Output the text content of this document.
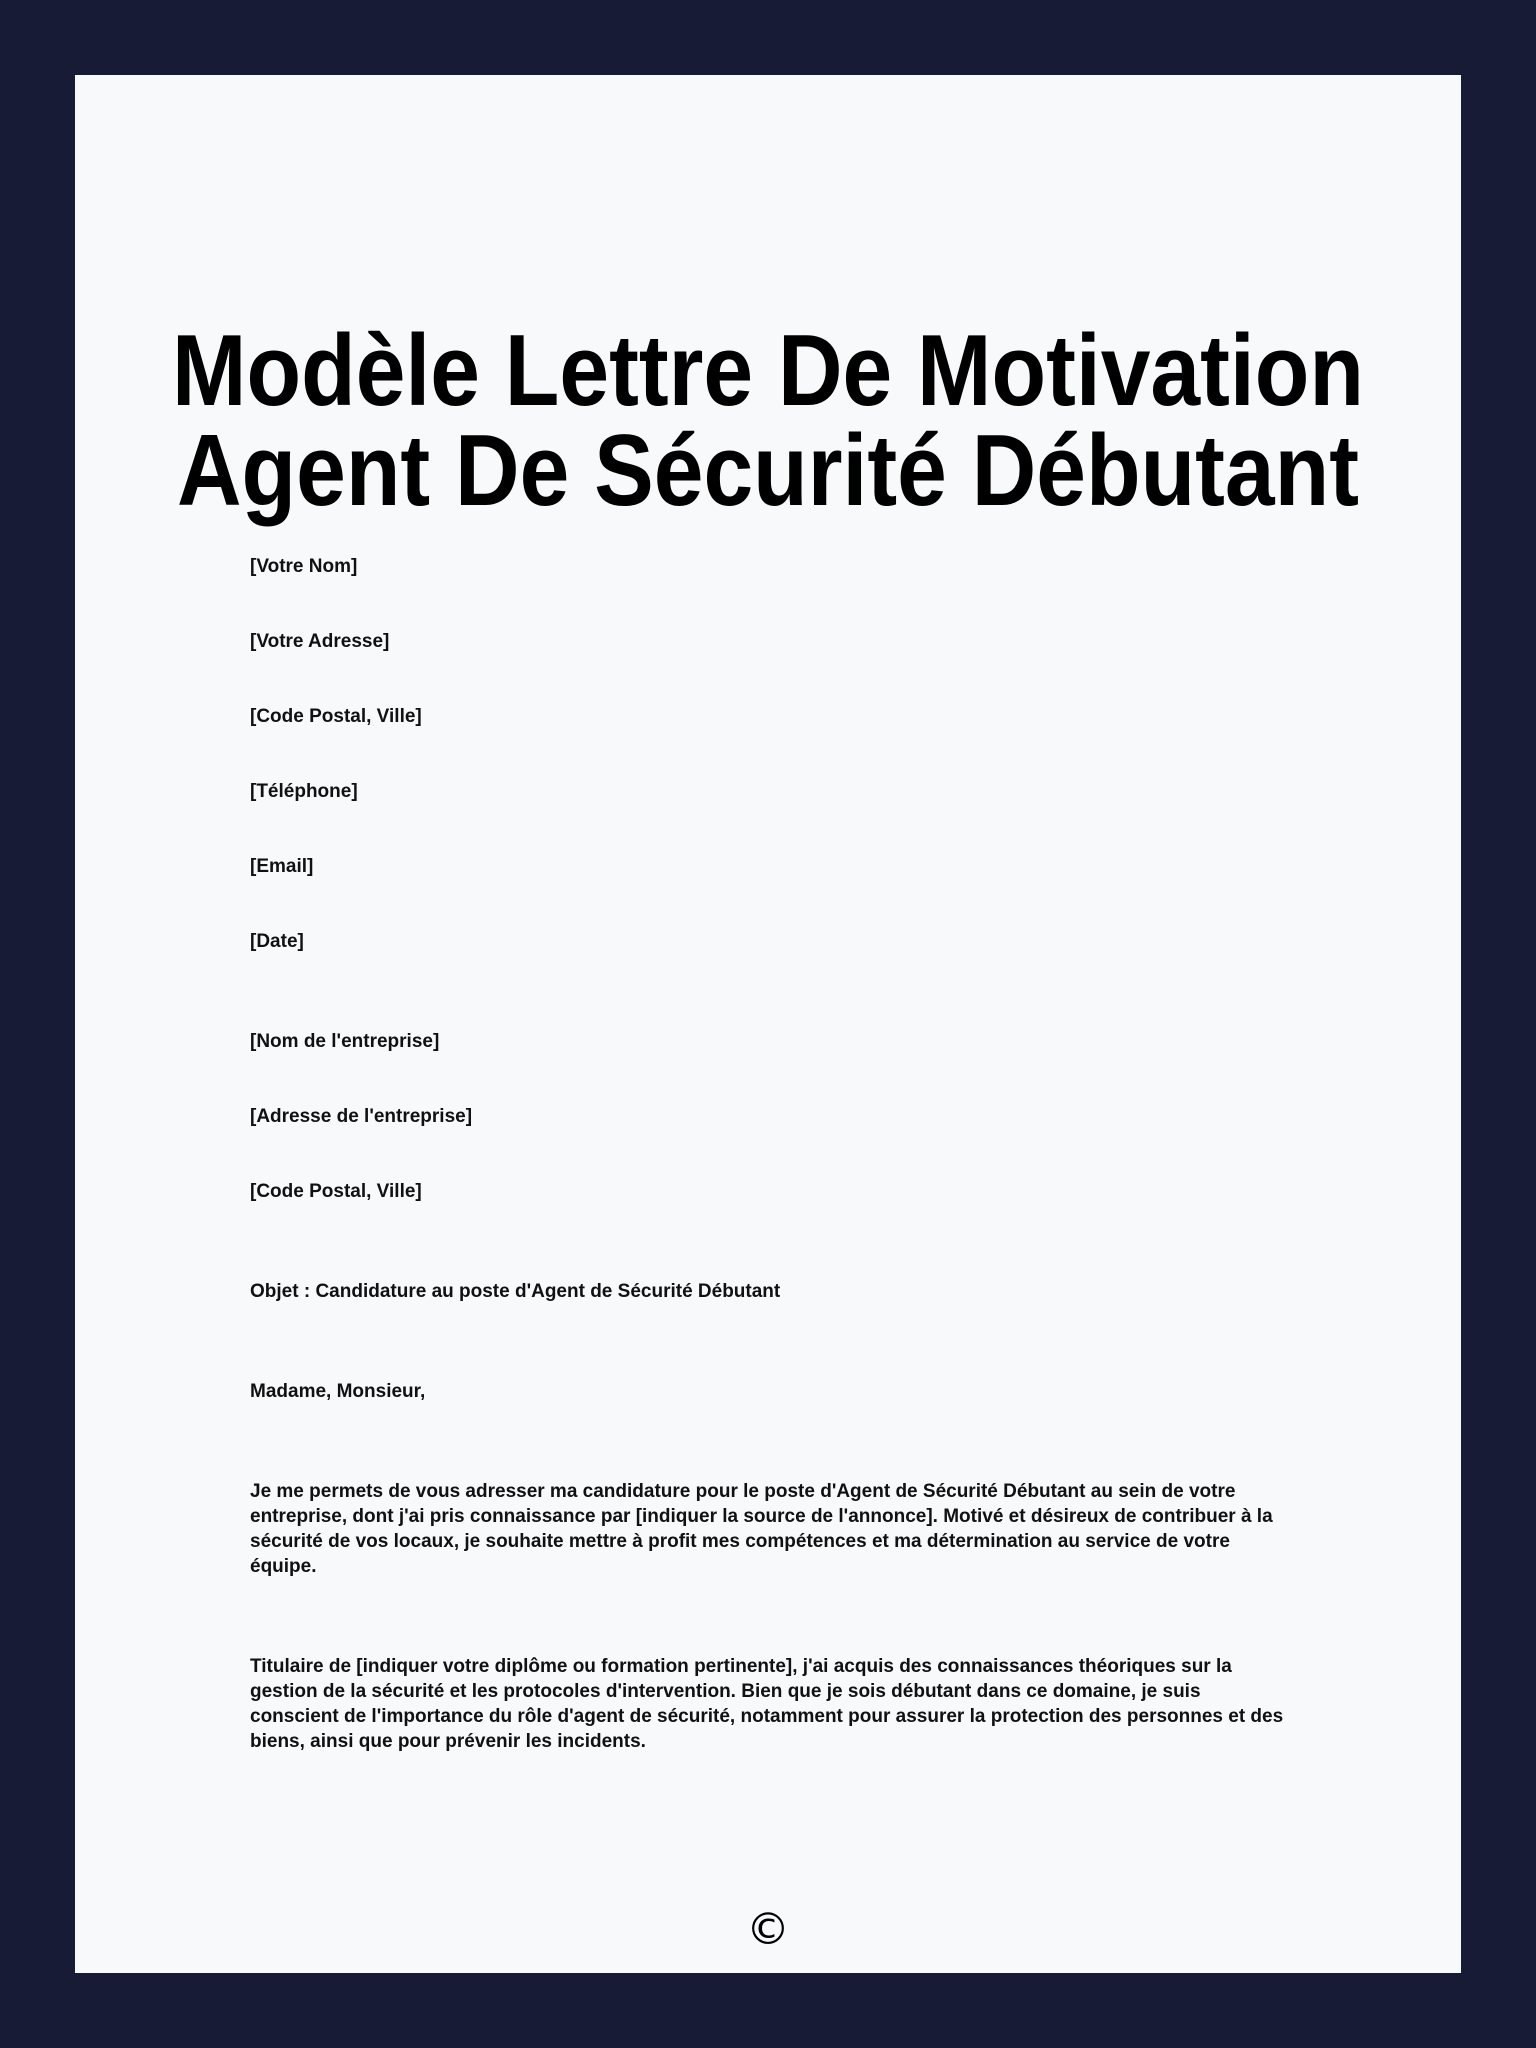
Modèle Lettre De Motivation
Agent De Sécurité Débutant

[Votre Nom]

[Votre Adresse]

[Code Postal, Ville]

[Téléphone]

[Email]

[Date]

[Nom de l'entreprise]

[Adresse de l'entreprise]

[Code Postal, Ville]

Objet : Candidature au poste d'Agent de Sécurité Débutant

Madame, Monsieur,

Je me permets de vous adresser ma candidature pour le poste d'Agent de Sécurité Débutant au sein de votre entreprise, dont j'ai pris connaissance par [indiquer la source de l'annonce]. Motivé et désireux de contribuer à la sécurité de vos locaux, je souhaite mettre à profit mes compétences et ma détermination au service de votre équipe.

Titulaire de [indiquer votre diplôme ou formation pertinente], j'ai acquis des connaissances théoriques sur la gestion de la sécurité et les protocoles d'intervention. Bien que je sois débutant dans ce domaine, je suis conscient de l'importance du rôle d'agent de sécurité, notamment pour assurer la protection des personnes et des biens, ainsi que pour prévenir les incidents.

©
